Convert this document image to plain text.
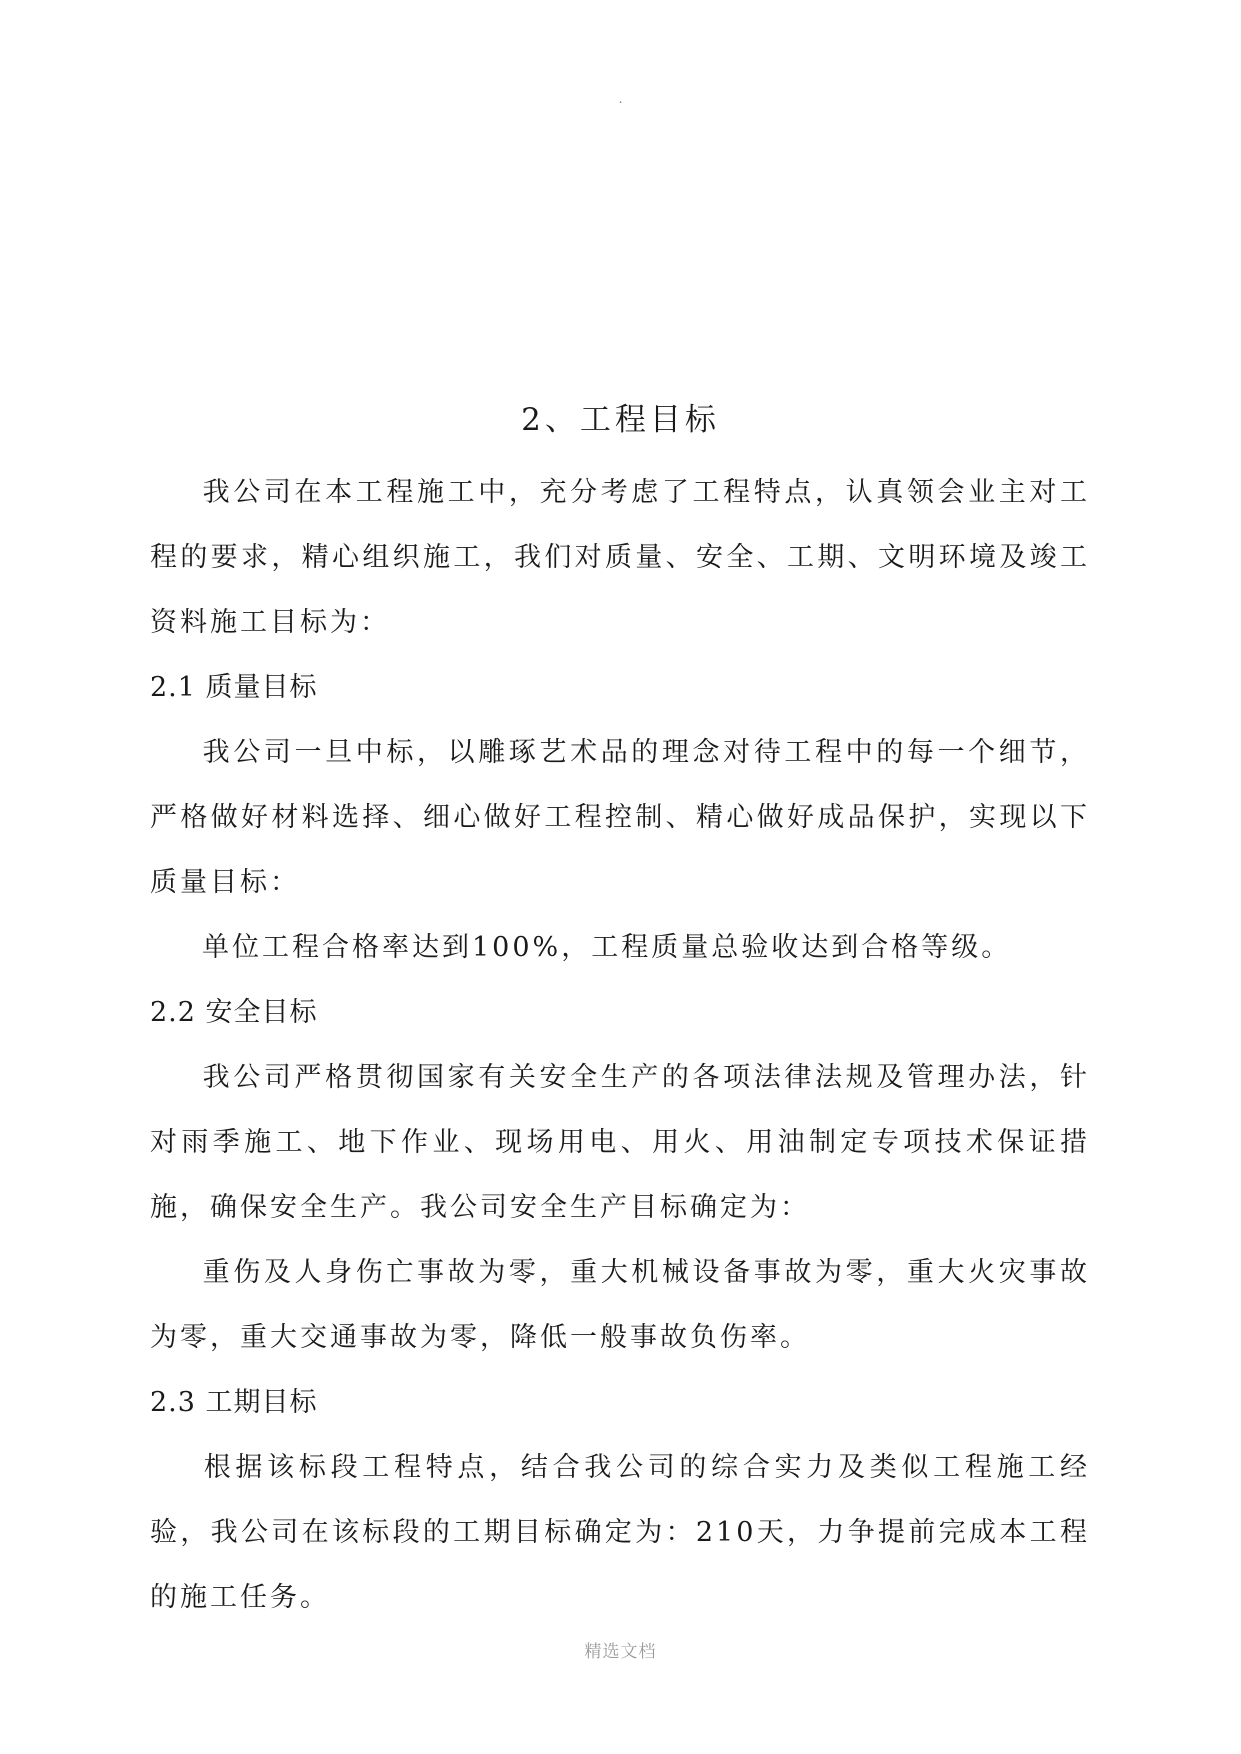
.
2、工程目标
我公司在本工程施工中，充分考虑了工程特点，认真领会业主对工程的要求，精心组织施工，我们对质量、安全、工期、文明环境及竣工资料施工目标为：
2.1 质量目标
我公司一旦中标，以雕琢艺术品的理念对待工程中的每一个细节，严格做好材料选择、细心做好工程控制、精心做好成品保护，实现以下质量目标：
单位工程合格率达到100%，工程质量总验收达到合格等级。
2.2 安全目标
我公司严格贯彻国家有关安全生产的各项法律法规及管理办法，针对雨季施工、地下作业、现场用电、用火、用油制定专项技术保证措施，确保安全生产。我公司安全生产目标确定为：
重伤及人身伤亡事故为零，重大机械设备事故为零，重大火灾事故为零，重大交通事故为零，降低一般事故负伤率。
2.3 工期目标
根据该标段工程特点，结合我公司的综合实力及类似工程施工经验，我公司在该标段的工期目标确定为：210天，力争提前完成本工程的施工任务。
精选文档
